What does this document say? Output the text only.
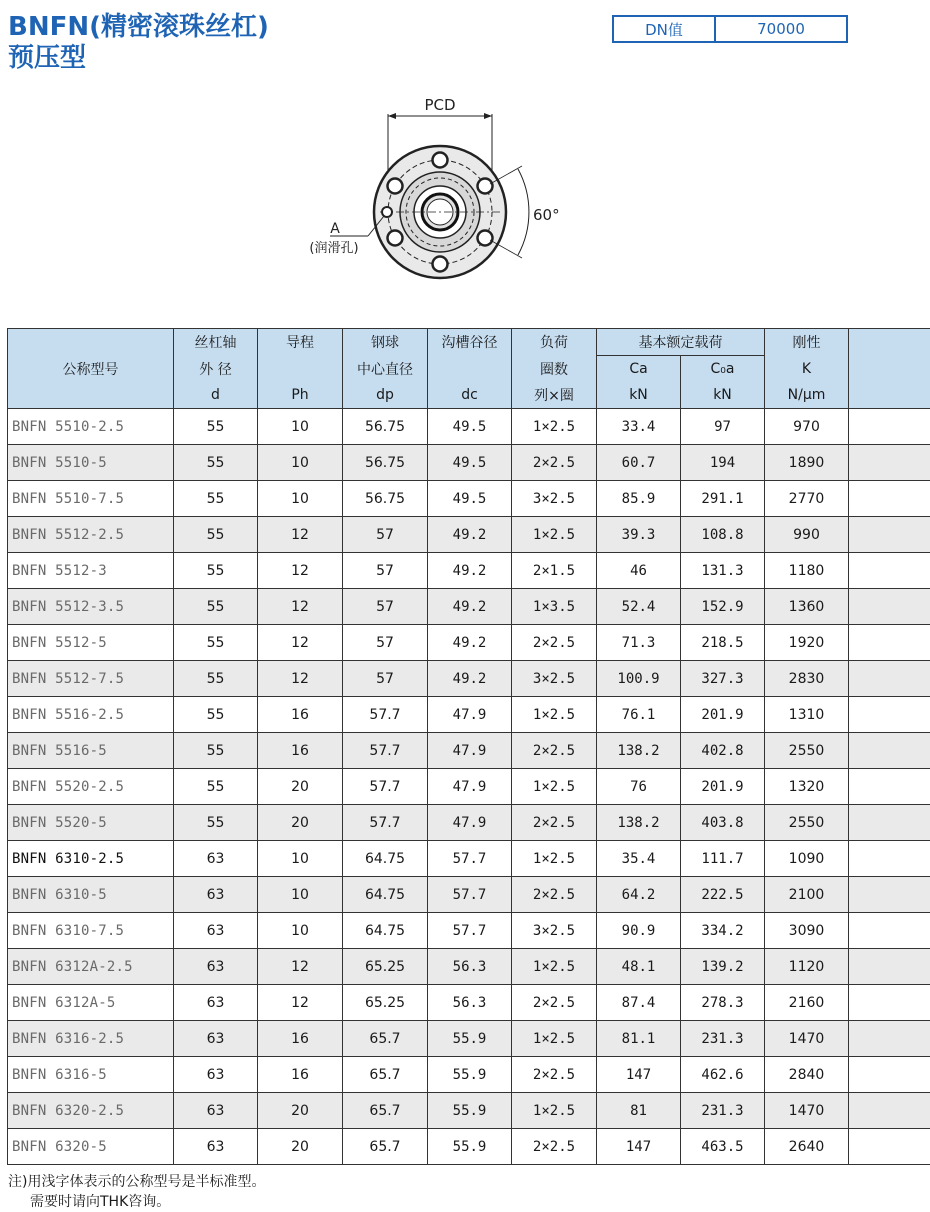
BNFN(精密滚珠丝杠)
预压型
DN值	70000
PCD
60°
A
(润滑孔)
公称型号	丝杠轴	导程	钢球	沟槽谷径	负荷	基本额定载荷		刚性	
	外 径		中心直径		圈数	Ca	C₀a	K	
	d	Ph	dp	dc	列×圈	kN	kN	N/μm	
BNFN 5510-2.5	55	10	56.75	49.5	1×2.5	33.4	97	970	
BNFN 5510-5	55	10	56.75	49.5	2×2.5	60.7	194	1890	
BNFN 5510-7.5	55	10	56.75	49.5	3×2.5	85.9	291.1	2770	
BNFN 5512-2.5	55	12	57	49.2	1×2.5	39.3	108.8	990	
BNFN 5512-3	55	12	57	49.2	2×1.5	46	131.3	1180	
BNFN 5512-3.5	55	12	57	49.2	1×3.5	52.4	152.9	1360	
BNFN 5512-5	55	12	57	49.2	2×2.5	71.3	218.5	1920	
BNFN 5512-7.5	55	12	57	49.2	3×2.5	100.9	327.3	2830	
BNFN 5516-2.5	55	16	57.7	47.9	1×2.5	76.1	201.9	1310	
BNFN 5516-5	55	16	57.7	47.9	2×2.5	138.2	402.8	2550	
BNFN 5520-2.5	55	20	57.7	47.9	1×2.5	76	201.9	1320	
BNFN 5520-5	55	20	57.7	47.9	2×2.5	138.2	403.8	2550	
BNFN 6310-2.5	63	10	64.75	57.7	1×2.5	35.4	111.7	1090	
BNFN 6310-5	63	10	64.75	57.7	2×2.5	64.2	222.5	2100	
BNFN 6310-7.5	63	10	64.75	57.7	3×2.5	90.9	334.2	3090	
BNFN 6312A-2.5	63	12	65.25	56.3	1×2.5	48.1	139.2	1120	
BNFN 6312A-5	63	12	65.25	56.3	2×2.5	87.4	278.3	2160	
BNFN 6316-2.5	63	16	65.7	55.9	1×2.5	81.1	231.3	1470	
BNFN 6316-5	63	16	65.7	55.9	2×2.5	147	462.6	2840	
BNFN 6320-2.5	63	20	65.7	55.9	1×2.5	81	231.3	1470	
BNFN 6320-5	63	20	65.7	55.9	2×2.5	147	463.5	2640	
注)用浅字体表示的公称型号是半标准型。
需要时请向THK咨询。
